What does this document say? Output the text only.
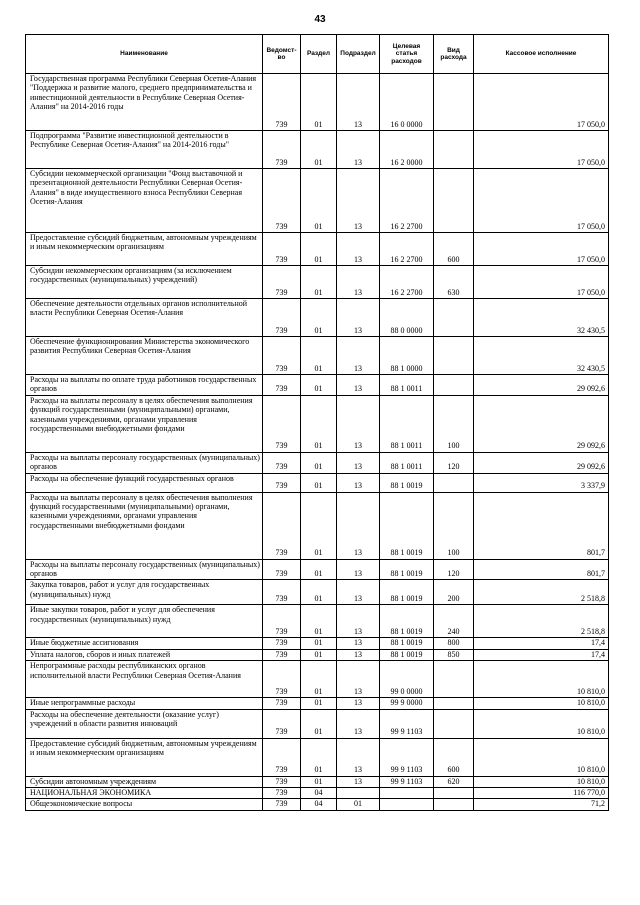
43
Наименование	Ведомст-во	Раздел	Подраздел	Целевая статья расходов	Вид расхода	Кассовое исполнение
Государственная программа Республики Северная Осетия-Алания "Поддержка и развитие малого, среднего предпринимательства и инвестиционной деятельности в Республике Северная Осетия-Алания" на 2014-2016 годы	739	01	13	16 0 0000		17 050,0
Подпрограмма "Развитие инвестиционной деятельности в Республике Северная Осетия-Алания" на 2014-2016 годы"	739	01	13	16 2 0000		17 050,0
Субсидии некоммерческой организации "Фонд выставочной и презентационной деятельности Республики Северная Осетия-Алания" в виде имущественного взноса Республики Северная Осетия-Алания	739	01	13	16 2 2700		17 050,0
Предоставление субсидий бюджетным, автономным учреждениям и иным некоммерческим организациям	739	01	13	16 2 2700	600	17 050,0
Субсидии некоммерческим организациям (за исключением государственных (муниципальных) учреждений)	739	01	13	16 2 2700	630	17 050,0
Обеспечение деятельности отдельных органов исполнительной власти Республики Северная Осетия-Алания	739	01	13	88 0 0000		32 430,5
Обеспечение функционирования Министерства экономического развития Республики Северная Осетия-Алания	739	01	13	88 1 0000		32 430,5
Расходы на выплаты по оплате труда работников государственных органов	739	01	13	88 1 0011		29 092,6
Расходы на выплаты персоналу в целях обеспечения выполнения функций государственными (муниципальными) органами, казенными учреждениями, органами управления государственными внебюджетными фондами	739	01	13	88 1 0011	100	29 092,6
Расходы на выплаты персоналу государственных (муниципальных) органов	739	01	13	88 1 0011	120	29 092,6
Расходы на обеспечение функций государственных органов	739	01	13	88 1 0019		3 337,9
Расходы на выплаты персоналу в целях обеспечения выполнения функций государственными (муниципальными) органами, казенными учреждениями, органами управления государственными внебюджетными фондами	739	01	13	88 1 0019	100	801,7
Расходы на выплаты персоналу государственных (муниципальных) органов	739	01	13	88 1 0019	120	801,7
Закупка товаров, работ и услуг для государственных (муниципальных) нужд	739	01	13	88 1 0019	200	2 518,8
Иные закупки товаров, работ и услуг для обеспечения государственных (муниципальных) нужд	739	01	13	88 1 0019	240	2 518,8
Иные бюджетные ассигнования	739	01	13	88 1 0019	800	17,4
Уплата налогов, сборов и иных платежей	739	01	13	88 1 0019	850	17,4
Непрограммные расходы республиканских органов исполнительной власти Республики Северная Осетия-Алания	739	01	13	99 0 0000		10 810,0
Иные непрограммные расходы	739	01	13	99 9 0000		10 810,0
Расходы на обеспечение деятельности (оказание услуг) учреждений в области развития инноваций	739	01	13	99 9 1103		10 810,0
Предоставление субсидий бюджетным, автономным учреждениям и иным некоммерческим организациям	739	01	13	99 9 1103	600	10 810,0
Субсидии автономным учреждениям	739	01	13	99 9 1103	620	10 810,0
НАЦИОНАЛЬНАЯ ЭКОНОМИКА	739	04				116 770,0
Общеэкономические вопросы	739	04	01			71,2
